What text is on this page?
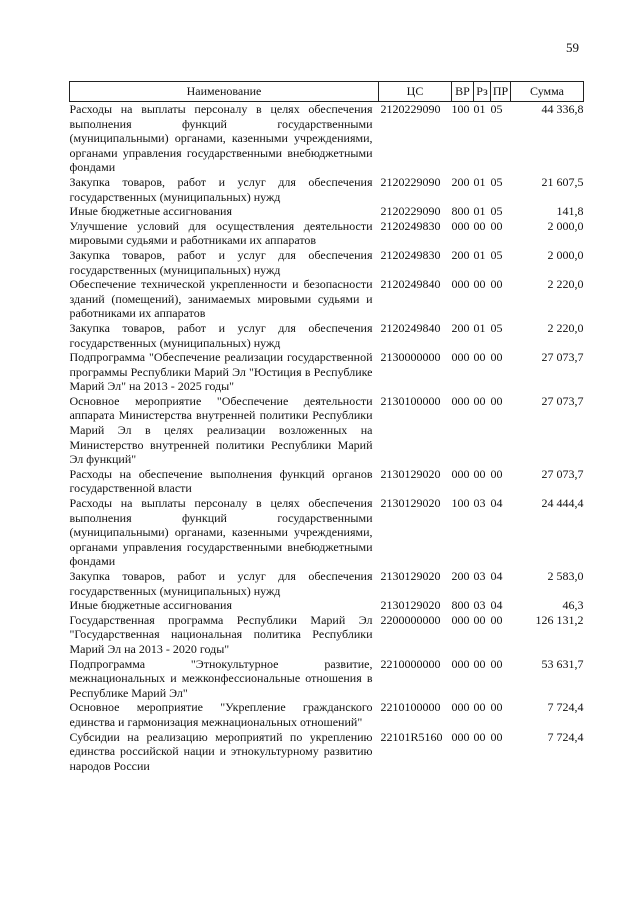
59
Наименование	ЦС	ВР	Рз	ПР	Сумма
Расходы на выплаты персоналу в целях обеспечения выполнения функций государственными (муниципальными) органами, казенными учреждениями, органами управления государственными внебюджетными фондами	2120229090	100	01	05	44 336,8
Закупка товаров, работ и услуг для обеспечения государственных (муниципальных) нужд	2120229090	200	01	05	21 607,5
Иные бюджетные ассигнования	2120229090	800	01	05	141,8
Улучшение условий для осуществления деятельности мировыми судьями и работниками их аппаратов	2120249830	000	00	00	2 000,0
Закупка товаров, работ и услуг для обеспечения государственных (муниципальных) нужд	2120249830	200	01	05	2 000,0
Обеспечение технической укрепленности и безопасности зданий (помещений), занимаемых мировыми судьями и работниками их аппаратов	2120249840	000	00	00	2 220,0
Закупка товаров, работ и услуг для обеспечения государственных (муниципальных) нужд	2120249840	200	01	05	2 220,0
Подпрограмма "Обеспечение реализации государственной программы Республики Марий Эл "Юстиция в Республике Марий Эл" на 2013 - 2025 годы"	2130000000	000	00	00	27 073,7
Основное мероприятие "Обеспечение деятельности аппарата Министерства внутренней политики Республики Марий Эл в целях реализации возложенных на Министерство внутренней политики Республики Марий Эл функций"	2130100000	000	00	00	27 073,7
Расходы на обеспечение выполнения функций органов государственной власти	2130129020	000	00	00	27 073,7
Расходы на выплаты персоналу в целях обеспечения выполнения функций государственными (муниципальными) органами, казенными учреждениями, органами управления государственными внебюджетными фондами	2130129020	100	03	04	24 444,4
Закупка товаров, работ и услуг для обеспечения государственных (муниципальных) нужд	2130129020	200	03	04	2 583,0
Иные бюджетные ассигнования	2130129020	800	03	04	46,3
Государственная программа Республики Марий Эл "Государственная национальная политика Республики Марий Эл на 2013 - 2020 годы"	2200000000	000	00	00	126 131,2
Подпрограмма "Этнокультурное развитие, межнациональных и межконфессиональные отношения в Республике Марий Эл"	2210000000	000	00	00	53 631,7
Основное мероприятие "Укрепление гражданского единства и гармонизация межнациональных отношений"	2210100000	000	00	00	7 724,4
Субсидии на реализацию мероприятий по укреплению единства российской нации и этнокультурному развитию народов России	22101R5160	000	00	00	7 724,4
